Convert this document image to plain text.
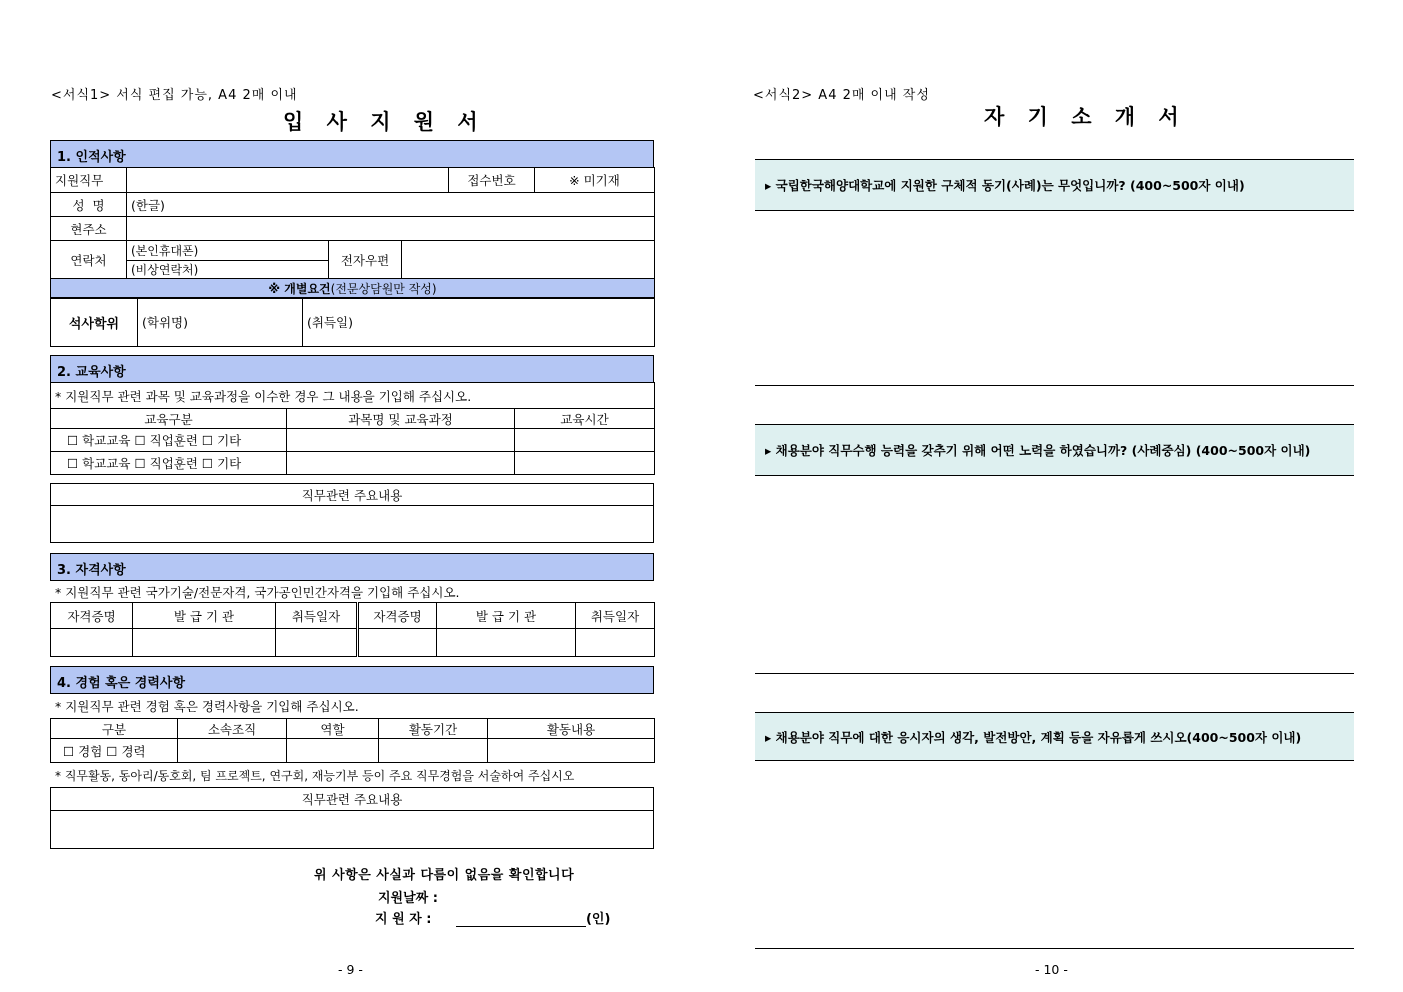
<서식1> 서식 편집 가능, A4 2매 이내
입 사 지 원 서
1. 인적사항
지원직무				접수번호	※ 미기재
성  명	(한글)				
현주소					
연락처	(본인휴대폰)	전자우편			
	(비상연락처)				
※ 개별요건(전문상담원만 작성)					
석사학위	(학위명)	(취득일)
2. 교육사항
* 지원직무 관련 과목 및 교육과정을 이수한 경우 그 내용을 기입해 주십시오.		
교육구분	과목명 및 교육과정	교육시간
☐ 학교교육 ☐ 직업훈련 ☐ 기타		
☐ 학교교육 ☐ 직업훈련 ☐ 기타		
직무관련 주요내용

3. 자격사항
* 지원직무 관련 국가기술/전문자격, 국가공인민간자격을 기입해 주십시오.
자격증명	발 급 기 관	취득일자	자격증명	발 급 기 관	취득일자

4. 경험 혹은 경력사항
* 지원직무 관련 경험 혹은 경력사항을 기입해 주십시오.
구분	소속조직	역할	활동기간	활동내용
☐ 경험 ☐ 경력				
* 직무활동, 동아리/동호회, 팀 프로젝트, 연구회, 재능기부 등이 주요 직무경험을 서술하여 주십시오
직무관련 주요내용

위 사항은 사실과 다름이 없음을 확인합니다
지원날짜 :
지 원 자 :	(인)
- 9 -
<서식2> A4 2매 이내 작성
자 기 소 개 서
▸ 국립한국해양대학교에 지원한 구체적 동기(사례)는 무엇입니까? (400~500자 이내)
▸ 채용분야 직무수행 능력을 갖추기 위해 어떤 노력을 하였습니까? (사례중심) (400~500자 이내)
▸ 채용분야 직무에 대한 응시자의 생각, 발전방안, 계획 등을 자유롭게 쓰시오(400~500자 이내)
- 10 -
